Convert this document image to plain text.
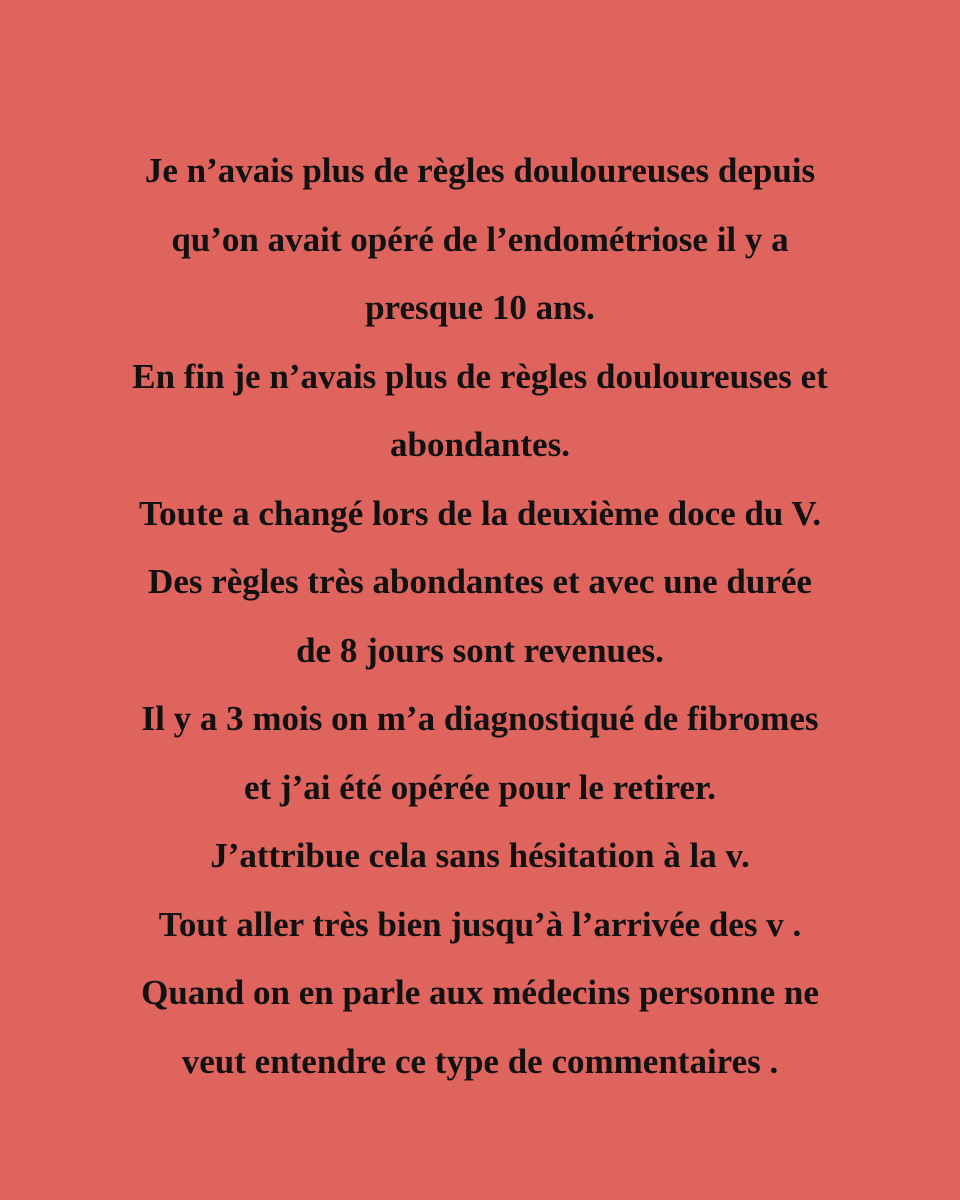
Je n’avais plus de règles douloureuses depuis
qu’on avait opéré de l’endométriose il y a
presque 10 ans.
En fin je n’avais plus de règles douloureuses et
abondantes.
Toute a changé lors de la deuxième doce du V.
Des règles très abondantes et avec une durée
de 8 jours sont revenues.
Il y a 3 mois on m’a diagnostiqué de fibromes
et j’ai été opérée pour le retirer.
J’attribue cela sans hésitation à la v.
Tout aller très bien jusqu’à l’arrivée des v .
Quand on en parle aux médecins personne ne
veut entendre ce type de commentaires .
